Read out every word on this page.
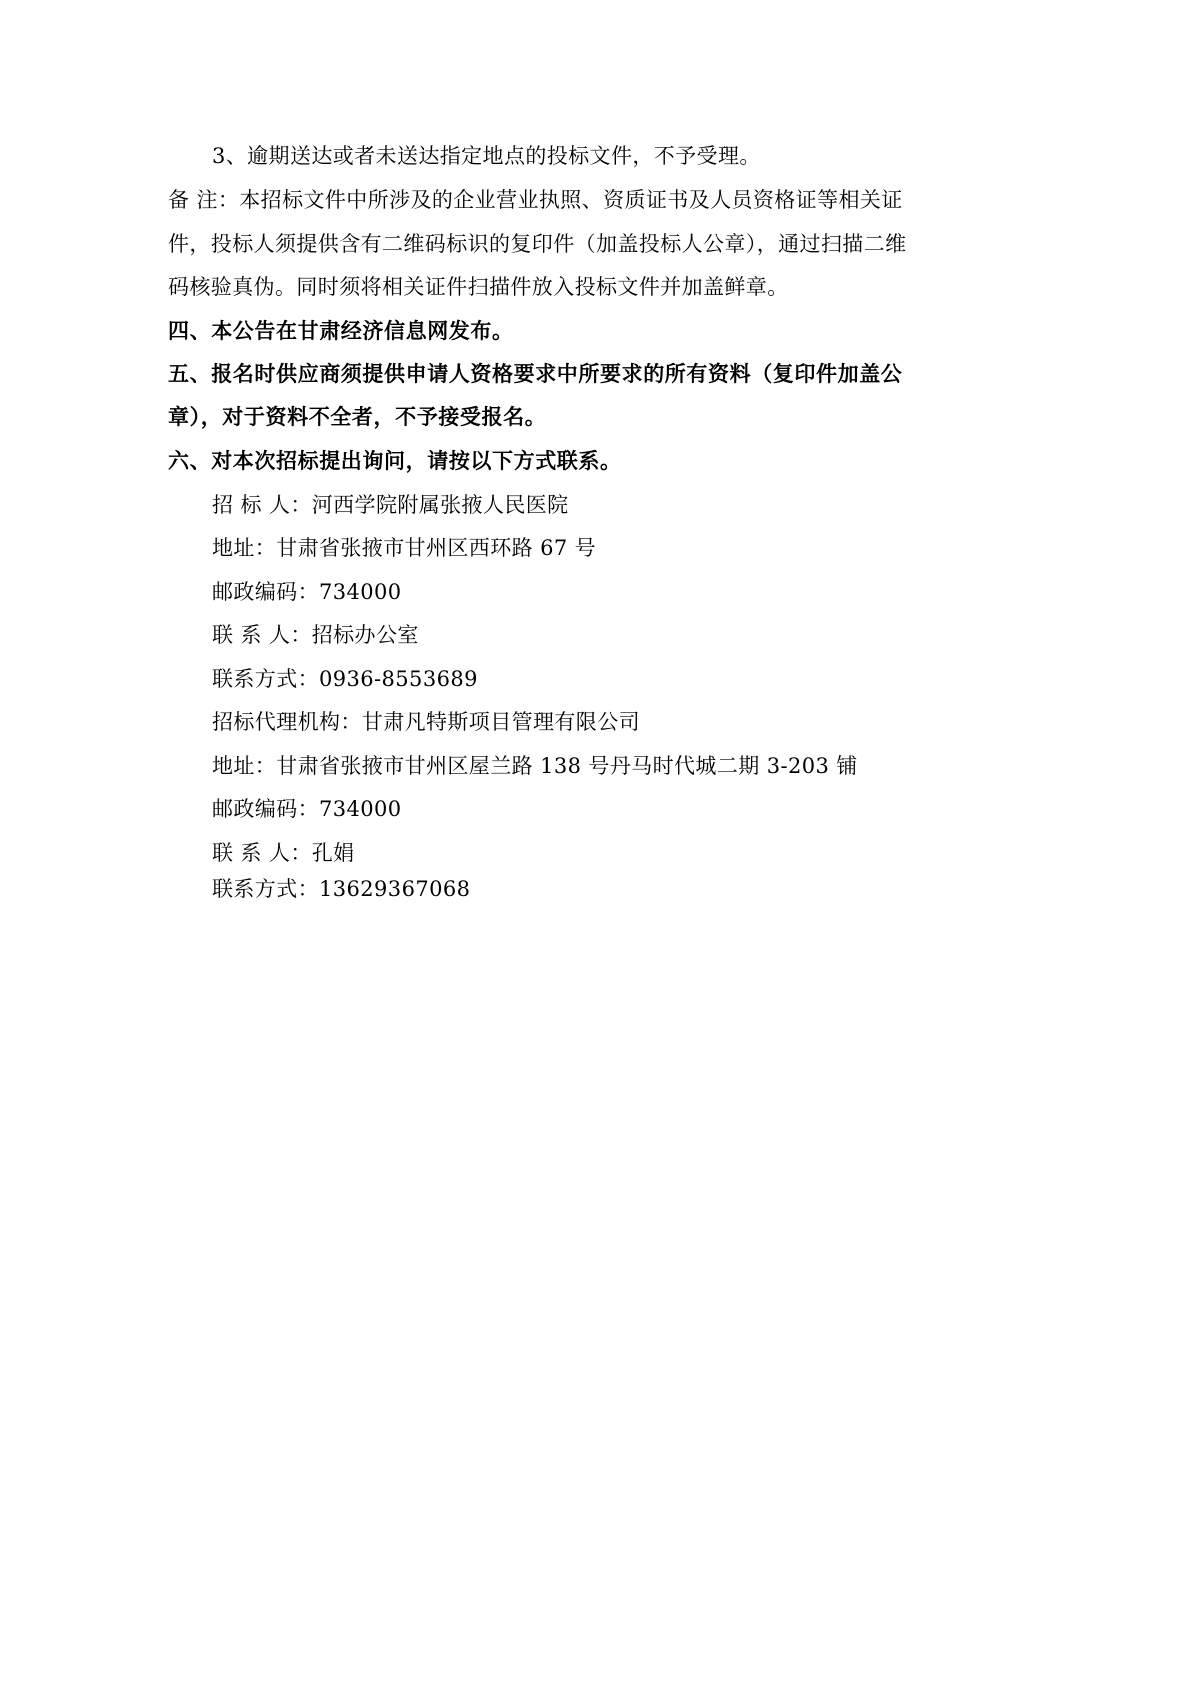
3、逾期送达或者未送达指定地点的投标文件，不予受理。
备 注：本招标文件中所涉及的企业营业执照、资质证书及人员资格证等相关证
件，投标人须提供含有二维码标识的复印件（加盖投标人公章），通过扫描二维
码核验真伪。同时须将相关证件扫描件放入投标文件并加盖鲜章。
四、本公告在甘肃经济信息网发布。
五、报名时供应商须提供申请人资格要求中所要求的所有资料（复印件加盖公
章），对于资料不全者，不予接受报名。
六、对本次招标提出询问，请按以下方式联系。
招 标 人：河西学院附属张掖人民医院
地址：甘肃省张掖市甘州区西环路 67 号
邮政编码：734000
联 系 人：招标办公室
联系方式：0936-8553689
招标代理机构：甘肃凡特斯项目管理有限公司
地址：甘肃省张掖市甘州区屋兰路 138 号丹马时代城二期 3-203 铺
邮政编码：734000
联 系 人：孔娟
联系方式：13629367068
